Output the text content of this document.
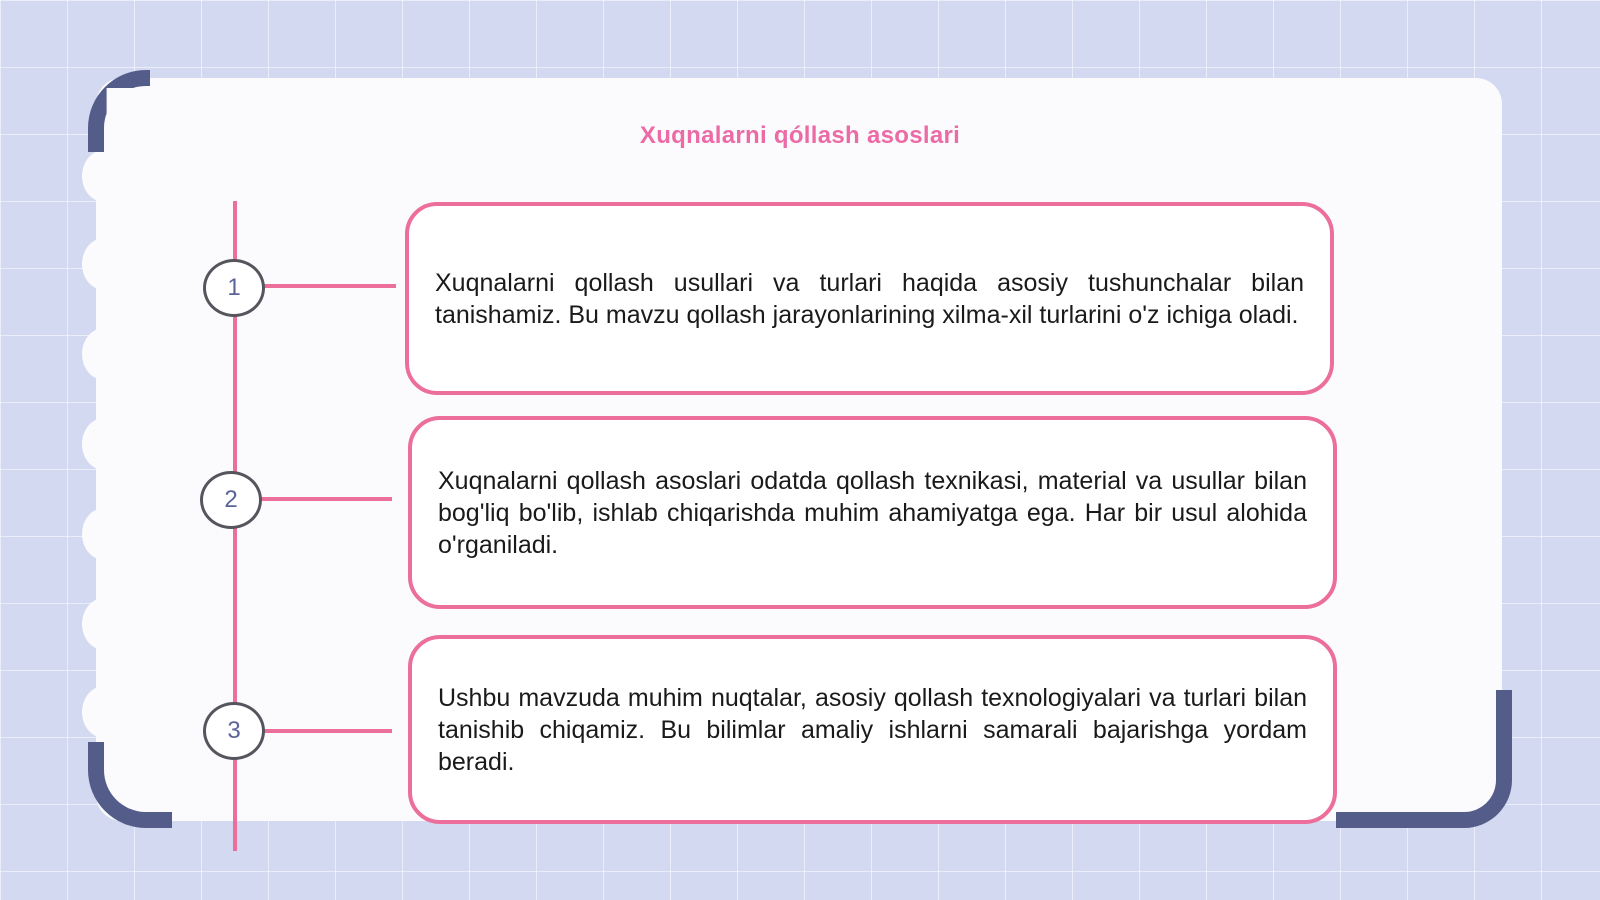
Xuqnalarni qóllash asoslari
1
2
3
Xuqnalarni qollash usullari va turlari haqida asosiy tushunchalar bilan tanishamiz. Bu mavzu qollash jarayonlarining xilma-xil turlarini o'z ichiga oladi.
Xuqnalarni qollash asoslari odatda qollash texnikasi, material va usullar bilan bog'liq bo'lib, ishlab chiqarishda muhim ahamiyatga ega. Har bir usul alohida o'rganiladi.
Ushbu mavzuda muhim nuqtalar, asosiy qollash texnologiyalari va turlari bilan tanishib chiqamiz. Bu bilimlar amaliy ishlarni samarali bajarishga yordam beradi.
